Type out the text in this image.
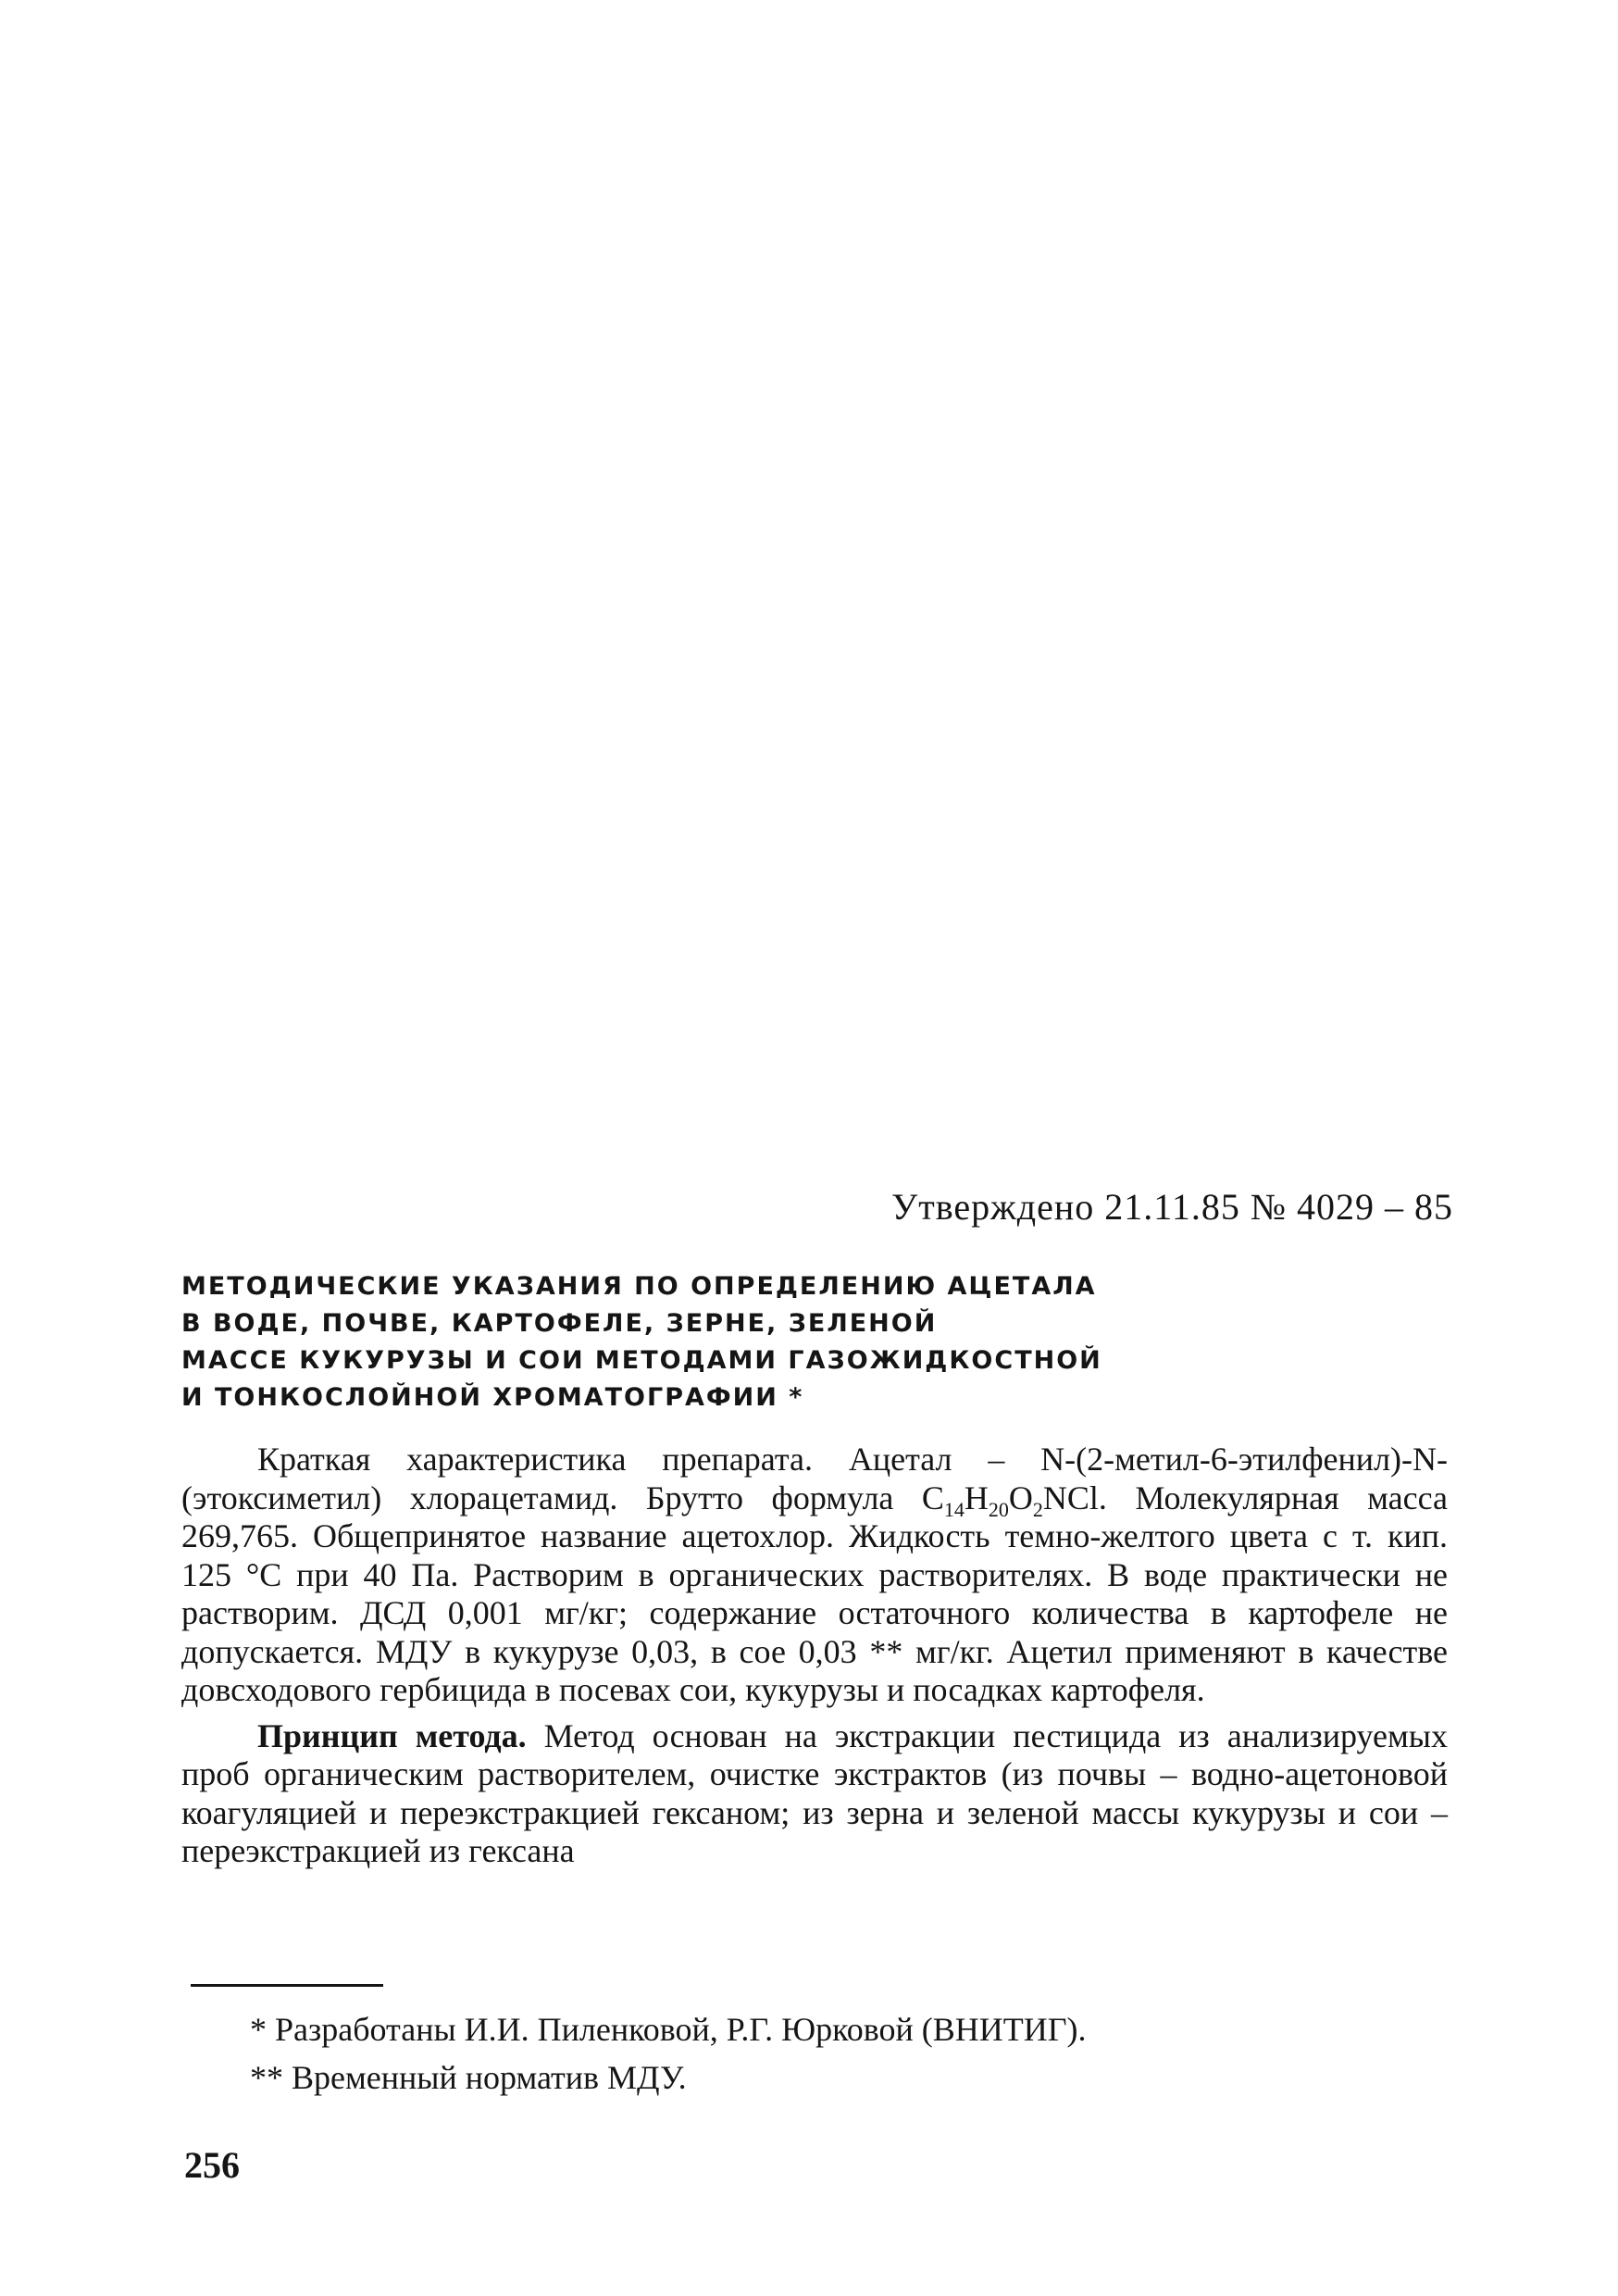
Утверждено 21.11.85 № 4029 – 85
МЕТОДИЧЕСКИЕ УКАЗАНИЯ ПО ОПРЕДЕЛЕНИЮ АЦЕТАЛА
В ВОДЕ, ПОЧВЕ, КАРТОФЕЛЕ, ЗЕРНЕ, ЗЕЛЕНОЙ
МАССЕ КУКУРУЗЫ И СОИ МЕТОДАМИ ГАЗОЖИДКОСТНОЙ
И ТОНКОСЛОЙНОЙ ХРОМАТОГРАФИИ *

Краткая характеристика препарата. Ацетал – N-(2-метил-6-этилфенил)-N-(этоксиметил) хлорацетамид. Брутто формула $C_{14}H_{20}O_2NCl$. Молекулярная масса 269,765. Общепринятое название ацетохлор. Жидкость темно-желтого цвета с т. кип. 125 °C при 40 Па. Растворим в органических растворителях. В воде практически не растворим. ДСД 0,001 мг/кг; содержание остаточного количества в картофеле не допускается. МДУ в кукурузе 0,03, в сое 0,03 ** мг/кг. Ацетил применяют в качестве довсходового гербицида в посевах сои, кукурузы и посадках картофеля.

Принцип метода. Метод основан на экстракции пестицида из анализируемых проб органическим растворителем, очистке экстрактов (из почвы – водно-ацетоновой коагуляцией и переэкстракцией гексаном; из зерна и зеленой массы кукурузы и сои – переэкстракцией из гексана

* Разработаны И.И. Пиленковой, Р.Г. Юрковой (ВНИТИГ).
** Временный норматив МДУ.
256
